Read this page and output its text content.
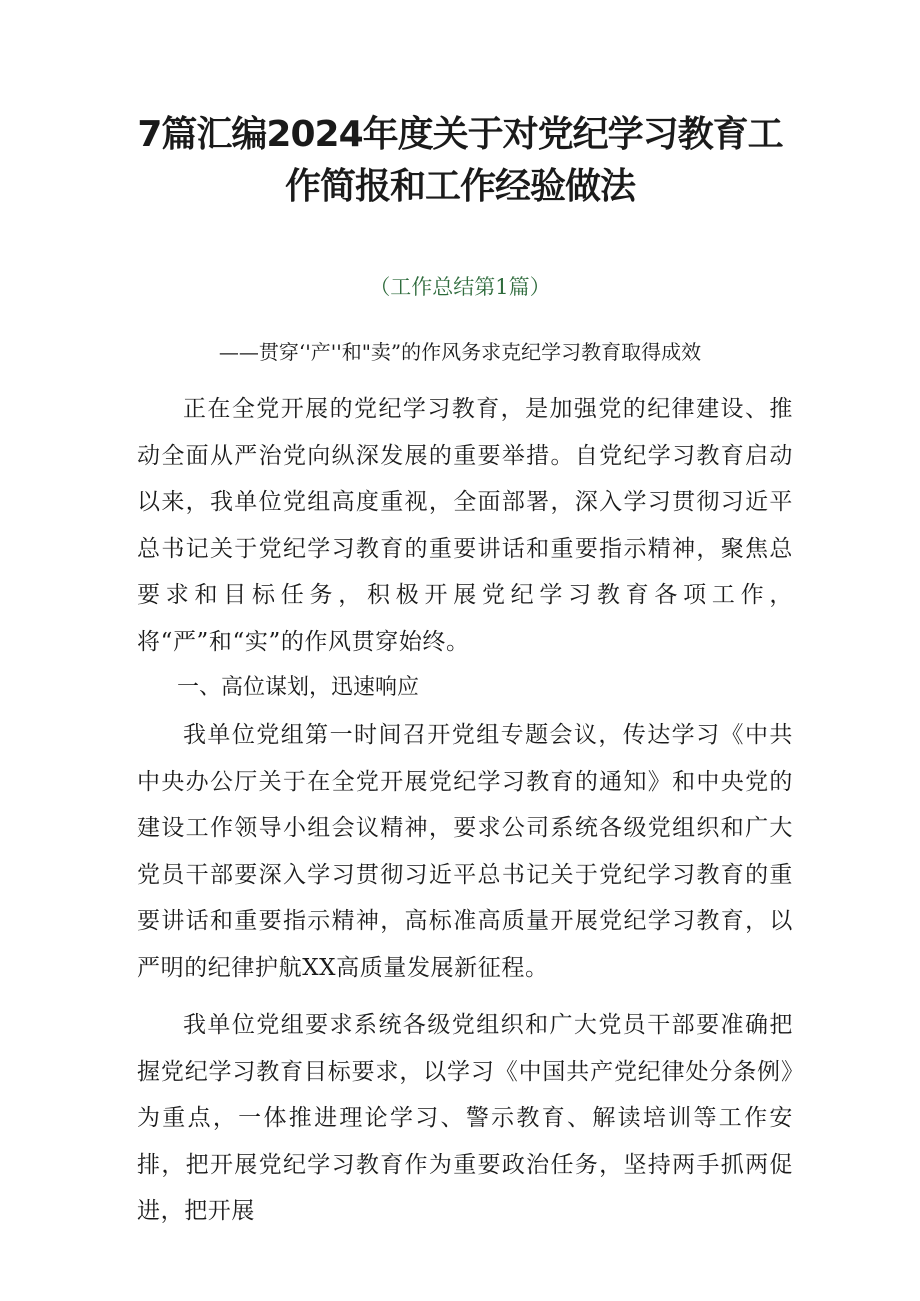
7篇汇编2024年度关于对党纪学习教育工
作简报和工作经验做法
（工作总结第1篇）
——贯穿‘'产''和"卖”的作风务求克纪学习教育取得成效

正在全党开展的党纪学习教育，是加强党的纪律建设、推动全面从严治党向纵深发展的重要举措。自党纪学习教育启动以来，我单位党组高度重视，全面部署，深入学习贯彻习近平总书记关于党纪学习教育的重要讲话和重要指示精神，聚焦总要求和目标任务，积极开展党纪学习教育各项工作，将“严”和“实”的作风贯穿始终。

一、高位谋划，迅速响应

我单位党组第一时间召开党组专题会议，传达学习《中共中央办公厅关于在全党开展党纪学习教育的通知》和中央党的建设工作领导小组会议精神，要求公司系统各级党组织和广大党员干部要深入学习贯彻习近平总书记关于党纪学习教育的重要讲话和重要指示精神，高标准高质量开展党纪学习教育，以严明的纪律护航XX高质量发展新征程。

我单位党组要求系统各级党组织和广大党员干部要准确把握党纪学习教育目标要求，以学习《中国共产党纪律处分条例》为重点，一体推进理论学习、警示教育、解读培训等工作安排，把开展党纪学习教育作为重要政治任务，坚持两手抓两促进，把开展
